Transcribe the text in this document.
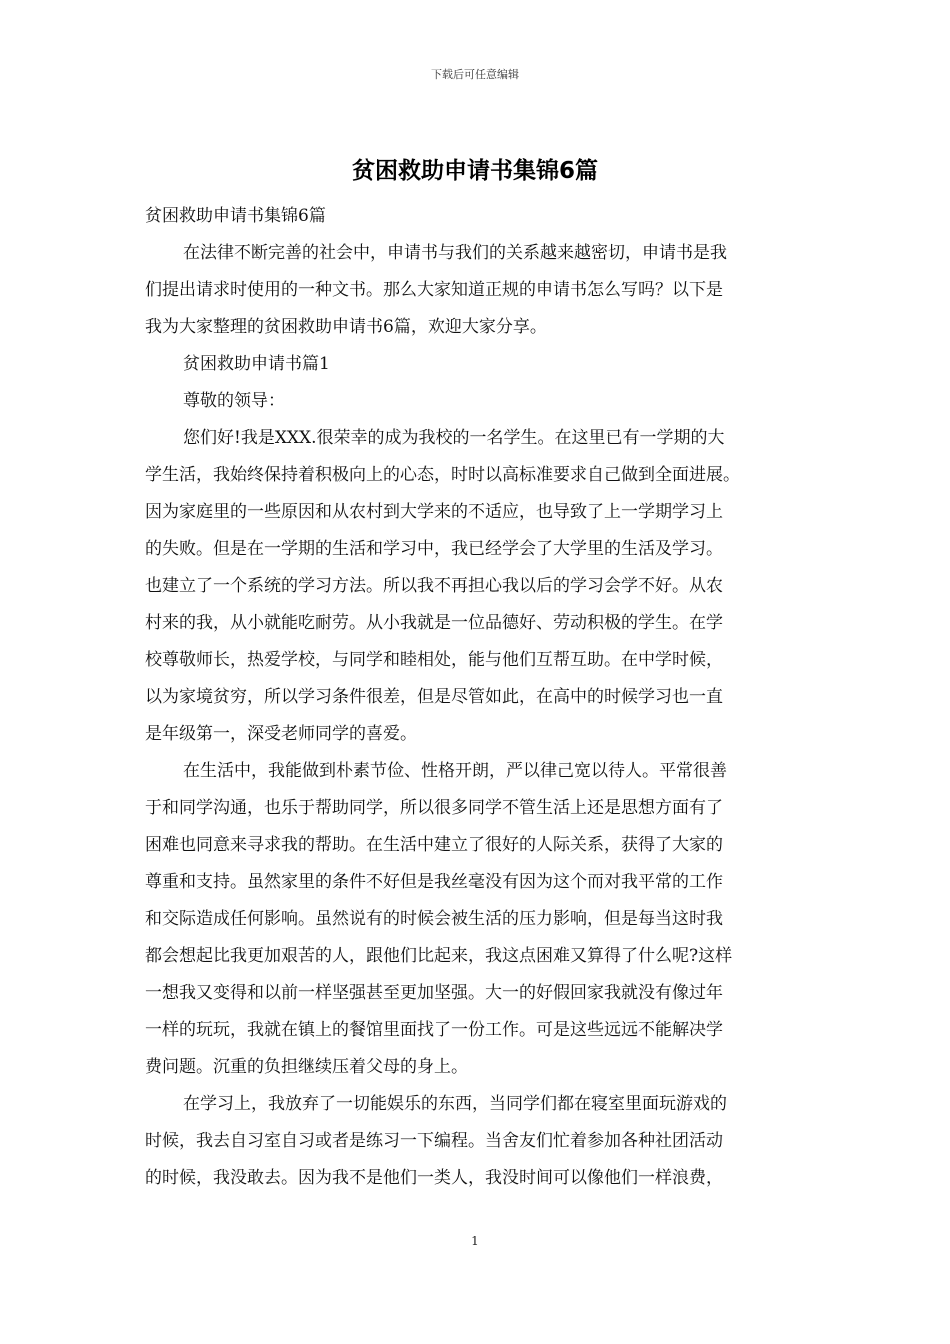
下载后可任意编辑
贫困救助申请书集锦6篇
贫困救助申请书集锦6篇
在法律不断完善的社会中，申请书与我们的关系越来越密切，申请书是我
们提出请求时使用的一种文书。那么大家知道正规的申请书怎么写吗？以下是
我为大家整理的贫困救助申请书6篇，欢迎大家分享。
贫困救助申请书篇1
尊敬的领导：
您们好!我是XXX.很荣幸的成为我校的一名学生。在这里已有一学期的大
学生活，我始终保持着积极向上的心态，时时以高标准要求自己做到全面进展。
因为家庭里的一些原因和从农村到大学来的不适应，也导致了上一学期学习上
的失败。但是在一学期的生活和学习中，我已经学会了大学里的生活及学习。
也建立了一个系统的学习方法。所以我不再担心我以后的学习会学不好。从农
村来的我，从小就能吃耐劳。从小我就是一位品德好、劳动积极的学生。在学
校尊敬师长，热爱学校，与同学和睦相处，能与他们互帮互助。在中学时候，
以为家境贫穷，所以学习条件很差，但是尽管如此，在高中的时候学习也一直
是年级第一，深受老师同学的喜爱。
在生活中，我能做到朴素节俭、性格开朗，严以律己宽以待人。平常很善
于和同学沟通，也乐于帮助同学，所以很多同学不管生活上还是思想方面有了
困难也同意来寻求我的帮助。在生活中建立了很好的人际关系，获得了大家的
尊重和支持。虽然家里的条件不好但是我丝毫没有因为这个而对我平常的工作
和交际造成任何影响。虽然说有的时候会被生活的压力影响，但是每当这时我
都会想起比我更加艰苦的人，跟他们比起来，我这点困难又算得了什么呢?这样
一想我又变得和以前一样坚强甚至更加坚强。大一的好假回家我就没有像过年
一样的玩玩，我就在镇上的餐馆里面找了一份工作。可是这些远远不能解决学
费问题。沉重的负担继续压着父母的身上。
在学习上，我放弃了一切能娱乐的东西，当同学们都在寝室里面玩游戏的
时候，我去自习室自习或者是练习一下编程。当舍友们忙着参加各种社团活动
的时候，我没敢去。因为我不是他们一类人，我没时间可以像他们一样浪费，
1
